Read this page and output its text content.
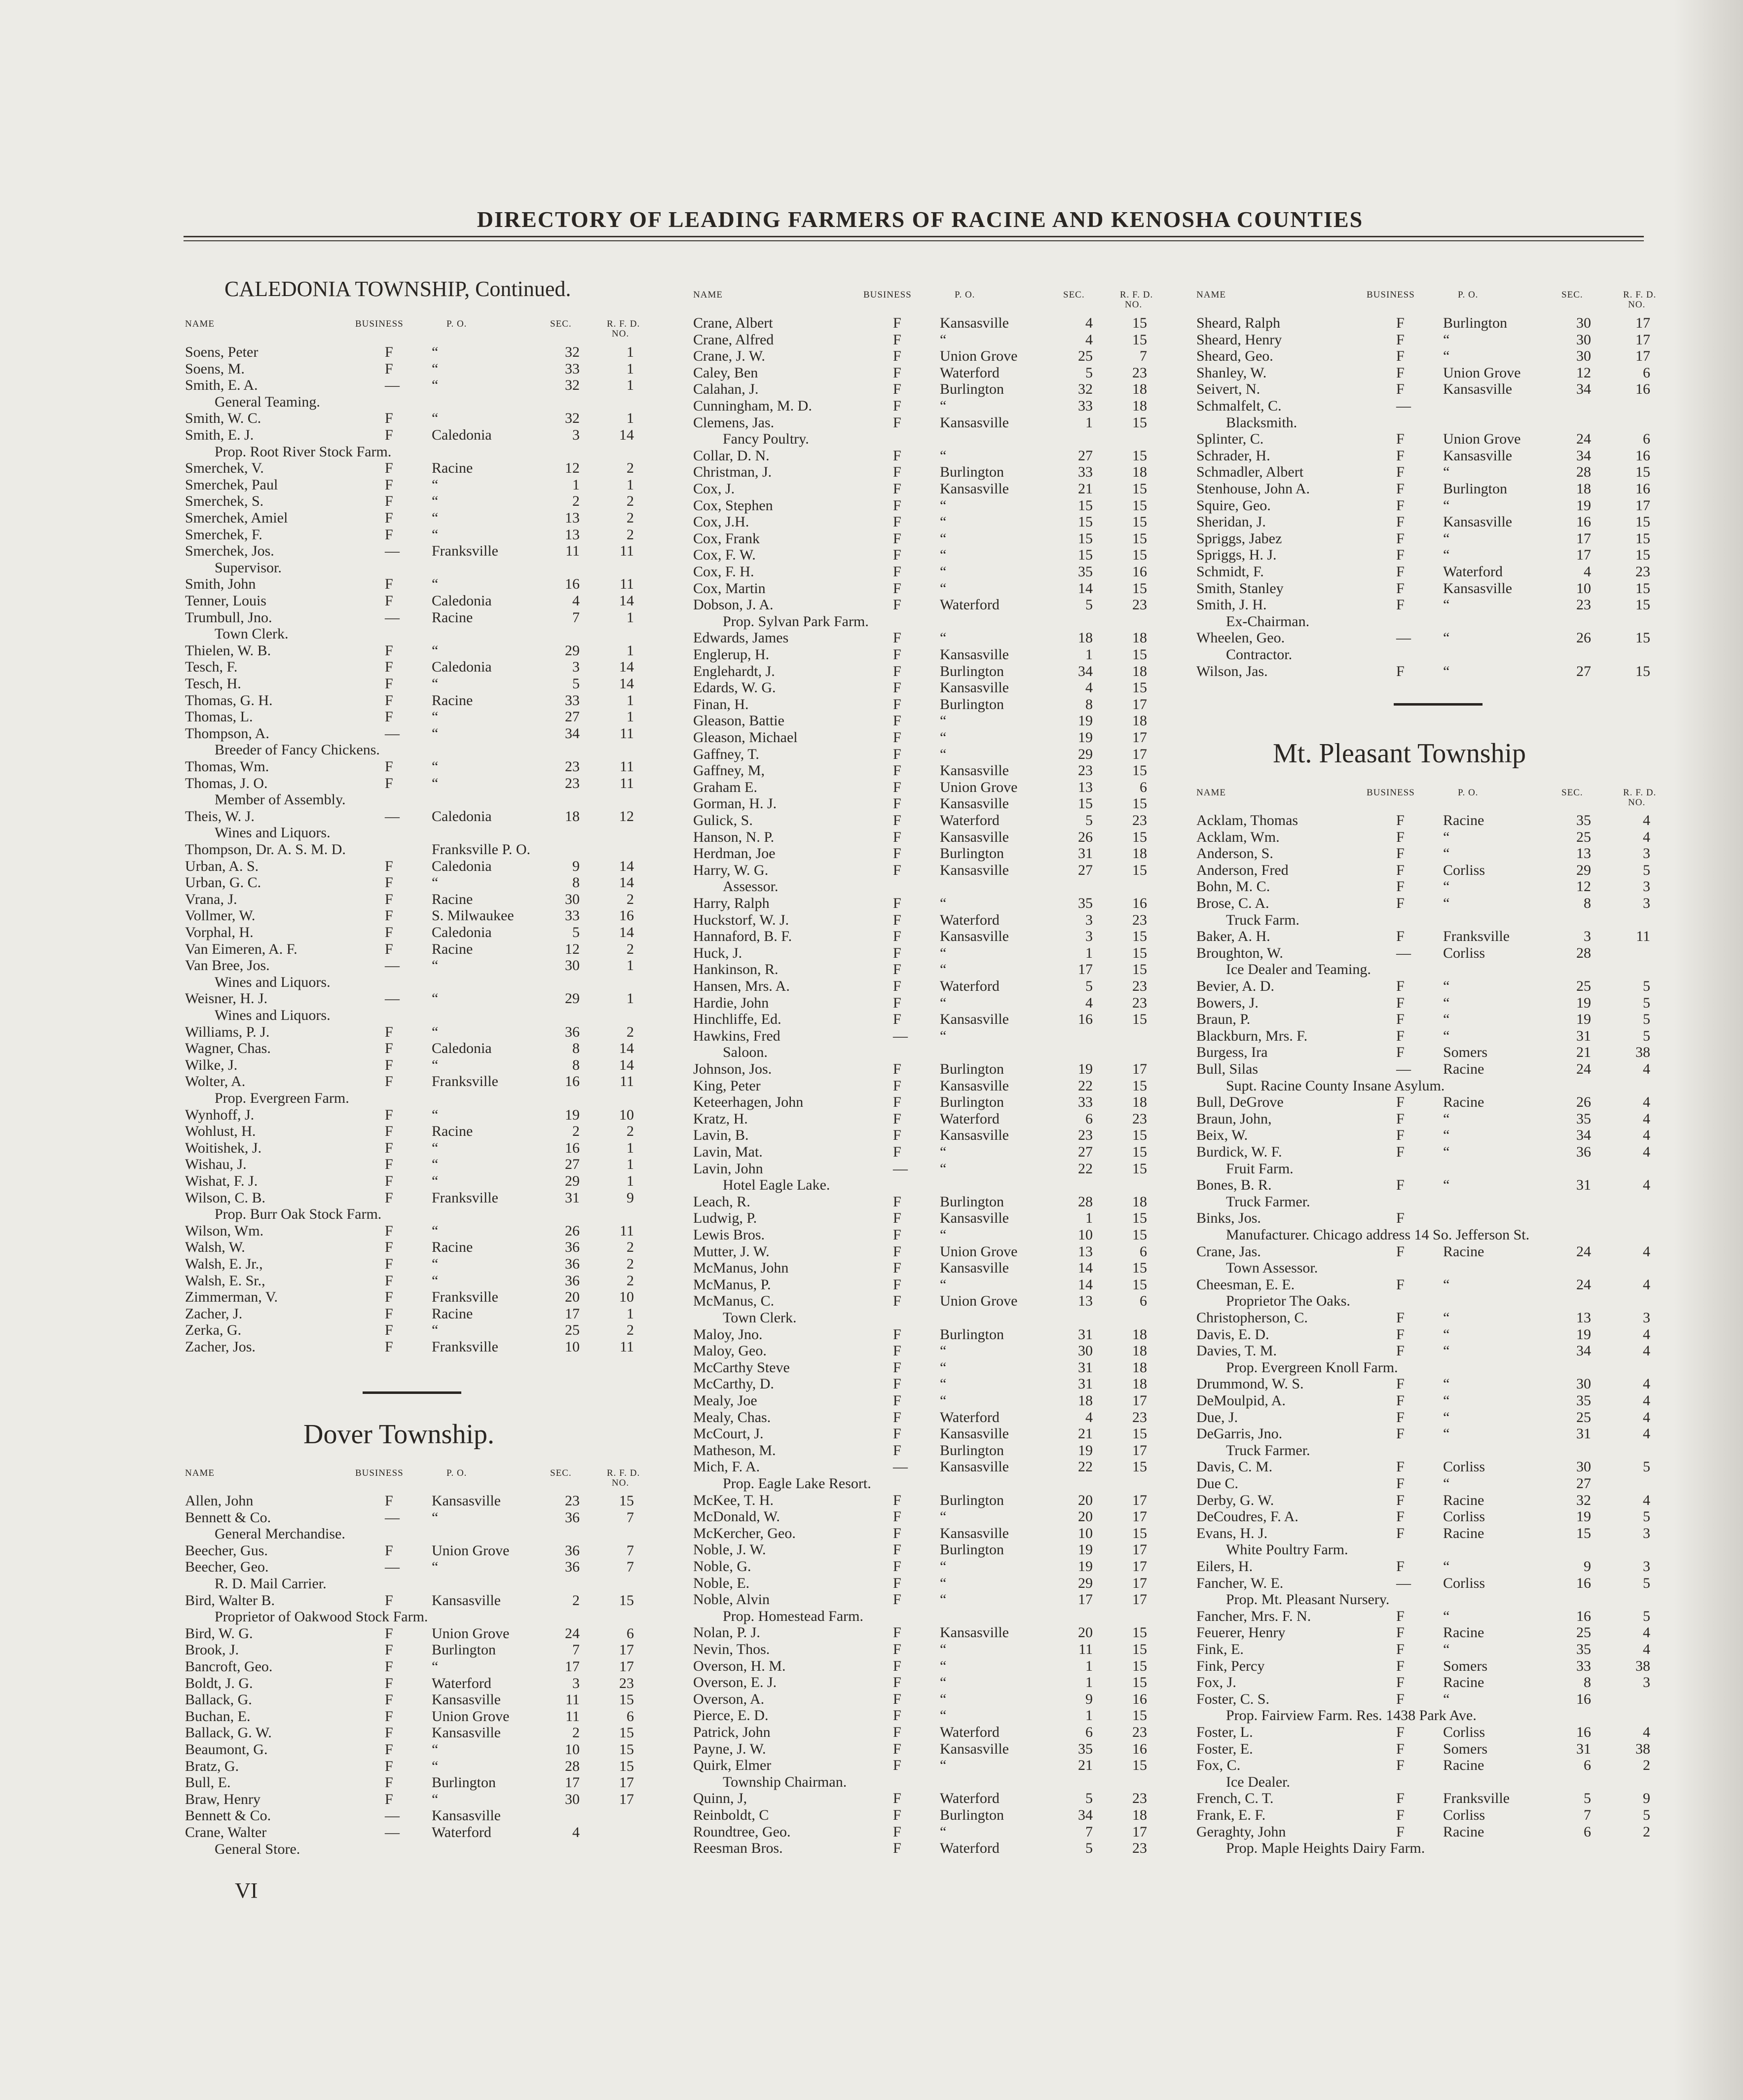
DIRECTORY OF LEADING FARMERS OF RACINE AND KENOSHA COUNTIES
CALEDONIA TOWNSHIP, Continued.
NAME	BUSINESS	P. O.	SEC.	R. F. D.
NO.
Soens, Peter	F	“	32	1
Soens, M.	F	“	33	1
Smith, E. A.	— “	32	1
General Teaming.
Smith, W. C.	F	“	32	1
Smith, E. J.	F	Caledonia	3	14
Prop. Root River Stock Farm.
Smerchek, V.	F	Racine	12	2
Smerchek, Paul	F	“	1	1
Smerchek, S.	F	“	2	2
Smerchek, Amiel	F	“	13	2
Smerchek, F.	F	“	13	2
Smerchek, Jos.	— Franksville	11	11
Supervisor.
Smith, John	F	“	16	11
Tenner, Louis	F	Caledonia	4	14
Trumbull, Jno.	— Racine	7	1
Town Clerk.
Thielen, W. B.	F	“	29	1
Tesch, F.	F	Caledonia	3	14
Tesch, H.	F	“	5	14
Thomas, G. H.	F	Racine	33	1
Thomas, L.	F	“	27	1
Thompson, A.	— “	34	11
Breeder of Fancy Chickens.
Thomas, Wm.	F	“	23	11
Thomas, J. O.	F	“	23	11
Member of Assembly.
Theis, W. J.	— Caledonia	18	12
Wines and Liquors.
Thompson, Dr. A. S. M. D.	Franksville P. O.
Urban, A. S.	F	Caledonia	9	14
Urban, G. C.	F	“	8	14
Vrana, J.	F	Racine	30	2
Vollmer, W.	F	S. Milwaukee	33	16
Vorphal, H.	F	Caledonia	5	14
Van Eimeren, A. F.	F	Racine	12	2
Van Bree, Jos.	— “	30	1
Wines and Liquors.
Weisner, H. J.	— “	29	1
Wines and Liquors.
Williams, P. J.	F	“	36	2
Wagner, Chas.	F	Caledonia	8	14
Wilke, J.	F	“	8	14
Wolter, A.	F	Franksville	16	11
Prop. Evergreen Farm.
Wynhoff, J.	F	“	19	10
Wohlust, H.	F	Racine	2	2
Woitishek, J.	F	“	16	1
Wishau, J.	F	“	27	1
Wishat, F. J.	F	“	29	1
Wilson, C. B.	F	Franksville	31	9
Prop. Burr Oak Stock Farm.
Wilson, Wm.	F	“	26	11
Walsh, W.	F	Racine	36	2
Walsh, E. Jr.,	F	“	36	2
Walsh, E. Sr.,	F	“	36	2
Zimmerman, V.	F	Franksville	20	10
Zacher, J.	F	Racine	17	1
Zerka, G.	F	“	25	2
Zacher, Jos.	F	Franksville	10	11
Dover Township.
NAME	BUSINESS	P. O.	SEC.	R. F. D.
NO.
Allen, John	F	Kansasville	23	15
Bennett & Co.	— “	36	7
General Merchandise.
Beecher, Gus.	F	Union Grove	36	7
Beecher, Geo.	— “	36	7
R. D. Mail Carrier.
Bird, Walter B.	F	Kansasville	2	15
Proprietor of Oakwood Stock Farm.
Bird, W. G.	F	Union Grove	24	6
Brook, J.	F	Burlington	7	17
Bancroft, Geo.	F	“	17	17
Boldt, J. G.	F	Waterford	3	23
Ballack, G.	F	Kansasville	11	15
Buchan, E.	F	Union Grove	11	6
Ballack, G. W.	F	Kansasville	2	15
Beaumont, G.	F	“	10	15
Bratz, G.	F	“	28	15
Bull, E.	F	Burlington	17	17
Braw, Henry	F	“	30	17
Bennett & Co.	— Kansasville
Crane, Walter	— Waterford	4
General Store.
NAME	BUSINESS	P. O.	SEC.	R. F. D.
NO.
Crane, Albert	F	Kansasville	4	15
Crane, Alfred	F	“	4	15
Crane, J. W.	F	Union Grove	25	7
Caley, Ben	F	Waterford	5	23
Calahan, J.	F	Burlington	32	18
Cunningham, M. D.	F	“	33	18
Clemens, Jas.	F	Kansasville	1	15
Fancy Poultry.
Collar, D. N.	F	“	27	15
Christman, J.	F	Burlington	33	18
Cox, J.	F	Kansasville	21	15
Cox, Stephen	F	“	15	15
Cox, J.H.	F	“	15	15
Cox, Frank	F	“	15	15
Cox, F. W.	F	“	15	15
Cox, F. H.	F	“	35	16
Cox, Martin	F	“	14	15
Dobson, J. A.	F	Waterford	5	23
Prop. Sylvan Park Farm.
Edwards, James	F	“	18	18
Englerup, H.	F	Kansasville	1	15
Englehardt, J.	F	Burlington	34	18
Edards, W. G.	F	Kansasville	4	15
Finan, H.	F	Burlington	8	17
Gleason, Battie	F	“	19	18
Gleason, Michael	F	“	19	17
Gaffney, T.	F	“	29	17
Gaffney, M,	F	Kansasville	23	15
Graham E.	F	Union Grove	13	6
Gorman, H. J.	F	Kansasville	15	15
Gulick, S.	F	Waterford	5	23
Hanson, N. P.	F	Kansasville	26	15
Herdman, Joe	F	Burlington	31	18
Harry, W. G.	F	Kansasville	27	15
Assessor.
Harry, Ralph	F	“	35	16
Huckstorf, W. J.	F	Waterford	3	23
Hannaford, B. F.	F	Kansasville	3	15
Huck, J.	F	“	1	15
Hankinson, R.	F	“	17	15
Hansen, Mrs. A.	F	Waterford	5	23
Hardie, John	F	“	4	23
Hinchliffe, Ed.	F	Kansasville	16	15
Hawkins, Fred	— “
Saloon.
Johnson, Jos.	F	Burlington	19	17
King, Peter	F	Kansasville	22	15
Keteerhagen, John	F	Burlington	33	18
Kratz, H.	F	Waterford	6	23
Lavin, B.	F	Kansasville	23	15
Lavin, Mat.	F	“	27	15
Lavin, John	— “	22	15
Hotel Eagle Lake.
Leach, R.	F	Burlington	28	18
Ludwig, P.	F	Kansasville	1	15
Lewis Bros.	F	“	10	15
Mutter, J. W.	F	Union Grove	13	6
McManus, John	F	Kansasville	14	15
McManus, P.	F	“	14	15
McManus, C.	F	Union Grove	13	6
Town Clerk.
Maloy, Jno.	F	Burlington	31	18
Maloy, Geo.	F	“	30	18
McCarthy Steve	F	“	31	18
McCarthy, D.	F	“	31	18
Mealy, Joe	F	“	18	17
Mealy, Chas.	F	Waterford	4	23
McCourt, J.	F	Kansasville	21	15
Matheson, M.	F	Burlington	19	17
Mich, F. A.	— Kansasville	22	15
Prop. Eagle Lake Resort.
McKee, T. H.	F	Burlington	20	17
McDonald, W.	F	“	20	17
McKercher, Geo.	F	Kansasville	10	15
Noble, J. W.	F	Burlington	19	17
Noble, G.	F	“	19	17
Noble, E.	F	“	29	17
Noble, Alvin	F	“	17	17
Prop. Homestead Farm.
Nolan, P. J.	F	Kansasville	20	15
Nevin, Thos.	F	“	11	15
Overson, H. M.	F	“	1	15
Overson, E. J.	F	“	1	15
Overson, A.	F	“	9	16
Pierce, E. D.	F	“	1	15
Patrick, John	F	Waterford	6	23
Payne, J. W.	F	Kansasville	35	16
Quirk, Elmer	F	“	21	15
Township Chairman.
Quinn, J,	F	Waterford	5	23
Reinboldt, C	F	Burlington	34	18
Roundtree, Geo.	F	“	7	17
Reesman Bros.	F	Waterford	5	23
NAME	BUSINESS	P. O.	SEC.	R. F. D.
NO.
Sheard, Ralph	F	Burlington	30	17
Sheard, Henry	F	“	30	17
Sheard, Geo.	F	“	30	17
Shanley, W.	F	Union Grove	12	6
Seivert, N.	F	Kansasville	34	16
Schmalfelt, C.	—
Blacksmith.
Splinter, C.	F	Union Grove	24	6
Schrader, H.	F	Kansasville	34	16
Schmadler, Albert	F	“	28	15
Stenhouse, John A.	F	Burlington	18	16
Squire, Geo.	F	“	19	17
Sheridan, J.	F	Kansasville	16	15
Spriggs, Jabez	F	“	17	15
Spriggs, H. J.	F	“	17	15
Schmidt, F.	F	Waterford	4	23
Smith, Stanley	F	Kansasville	10	15
Smith, J. H.	F	“	23	15
Ex-Chairman.
Wheelen, Geo.	— “	26	15
Contractor.
Wilson, Jas.	F	“	27	15
Mt. Pleasant Township
NAME	BUSINESS	P. O.	SEC.	R. F. D.
NO.
Acklam, Thomas	F	Racine	35	4
Acklam, Wm.	F	“	25	4
Anderson, S.	F	“	13	3
Anderson, Fred	F	Corliss	29	5
Bohn, M. C.	F	“	12	3
Brose, C. A.	F	“	8	3
Truck Farm.
Baker, A. H.	F	Franksville	3	11
Broughton, W.	— Corliss	28
Ice Dealer and Teaming.
Bevier, A. D.	F	“	25	5
Bowers, J.	F	“	19	5
Braun, P.	F	“	19	5
Blackburn, Mrs. F.	F	“	31	5
Burgess, Ira	F	Somers	21	38
Bull, Silas	— Racine	24	4
Supt. Racine County Insane Asylum.
Bull, DeGrove	F	Racine	26	4
Braun, John,	F	“	35	4
Beix, W.	F	“	34	4
Burdick, W. F.	F	“	36	4
Fruit Farm.
Bones, B. R.	F	“	31	4
Truck Farmer.
Binks, Jos.	F
Manufacturer. Chicago address 14 So. Jefferson St.
Crane, Jas.	F	Racine	24	4
Town Assessor.
Cheesman, E. E.	F	“	24	4
Proprietor The Oaks.
Christopherson, C.	F	“	13	3
Davis, E. D.	F	“	19	4
Davies, T. M.	F	“	34	4
Prop. Evergreen Knoll Farm.
Drummond, W. S.	F	“	30	4
DeMoulpid, A.	F	“	35	4
Due, J.	F	“	25	4
DeGarris, Jno.	F	“	31	4
Truck Farmer.
Davis, C. M.	F	Corliss	30	5
Due C.	F	“	27
Derby, G. W.	F	Racine	32	4
DeCoudres, F. A.	F	Corliss	19	5
Evans, H. J.	F	Racine	15	3
White Poultry Farm.
Eilers, H.	F	“	9	3
Fancher, W. E.	— Corliss	16	5
Prop. Mt. Pleasant Nursery.
Fancher, Mrs. F. N.	F	“	16	5
Feuerer, Henry	F	Racine	25	4
Fink, E.	F	“	35	4
Fink, Percy	F	Somers	33	38
Fox, J.	F	Racine	8	3
Foster, C. S.	F	“	16
Prop. Fairview Farm. Res. 1438 Park Ave.
Foster, L.	F	Corliss	16	4
Foster, E.	F	Somers	31	38
Fox, C.	F	Racine	6	2
Ice Dealer.
French, C. T.	F	Franksville	5	9
Frank, E. F.	F	Corliss	7	5
Geraghty, John	F	Racine	6	2
Prop. Maple Heights Dairy Farm.
VI
